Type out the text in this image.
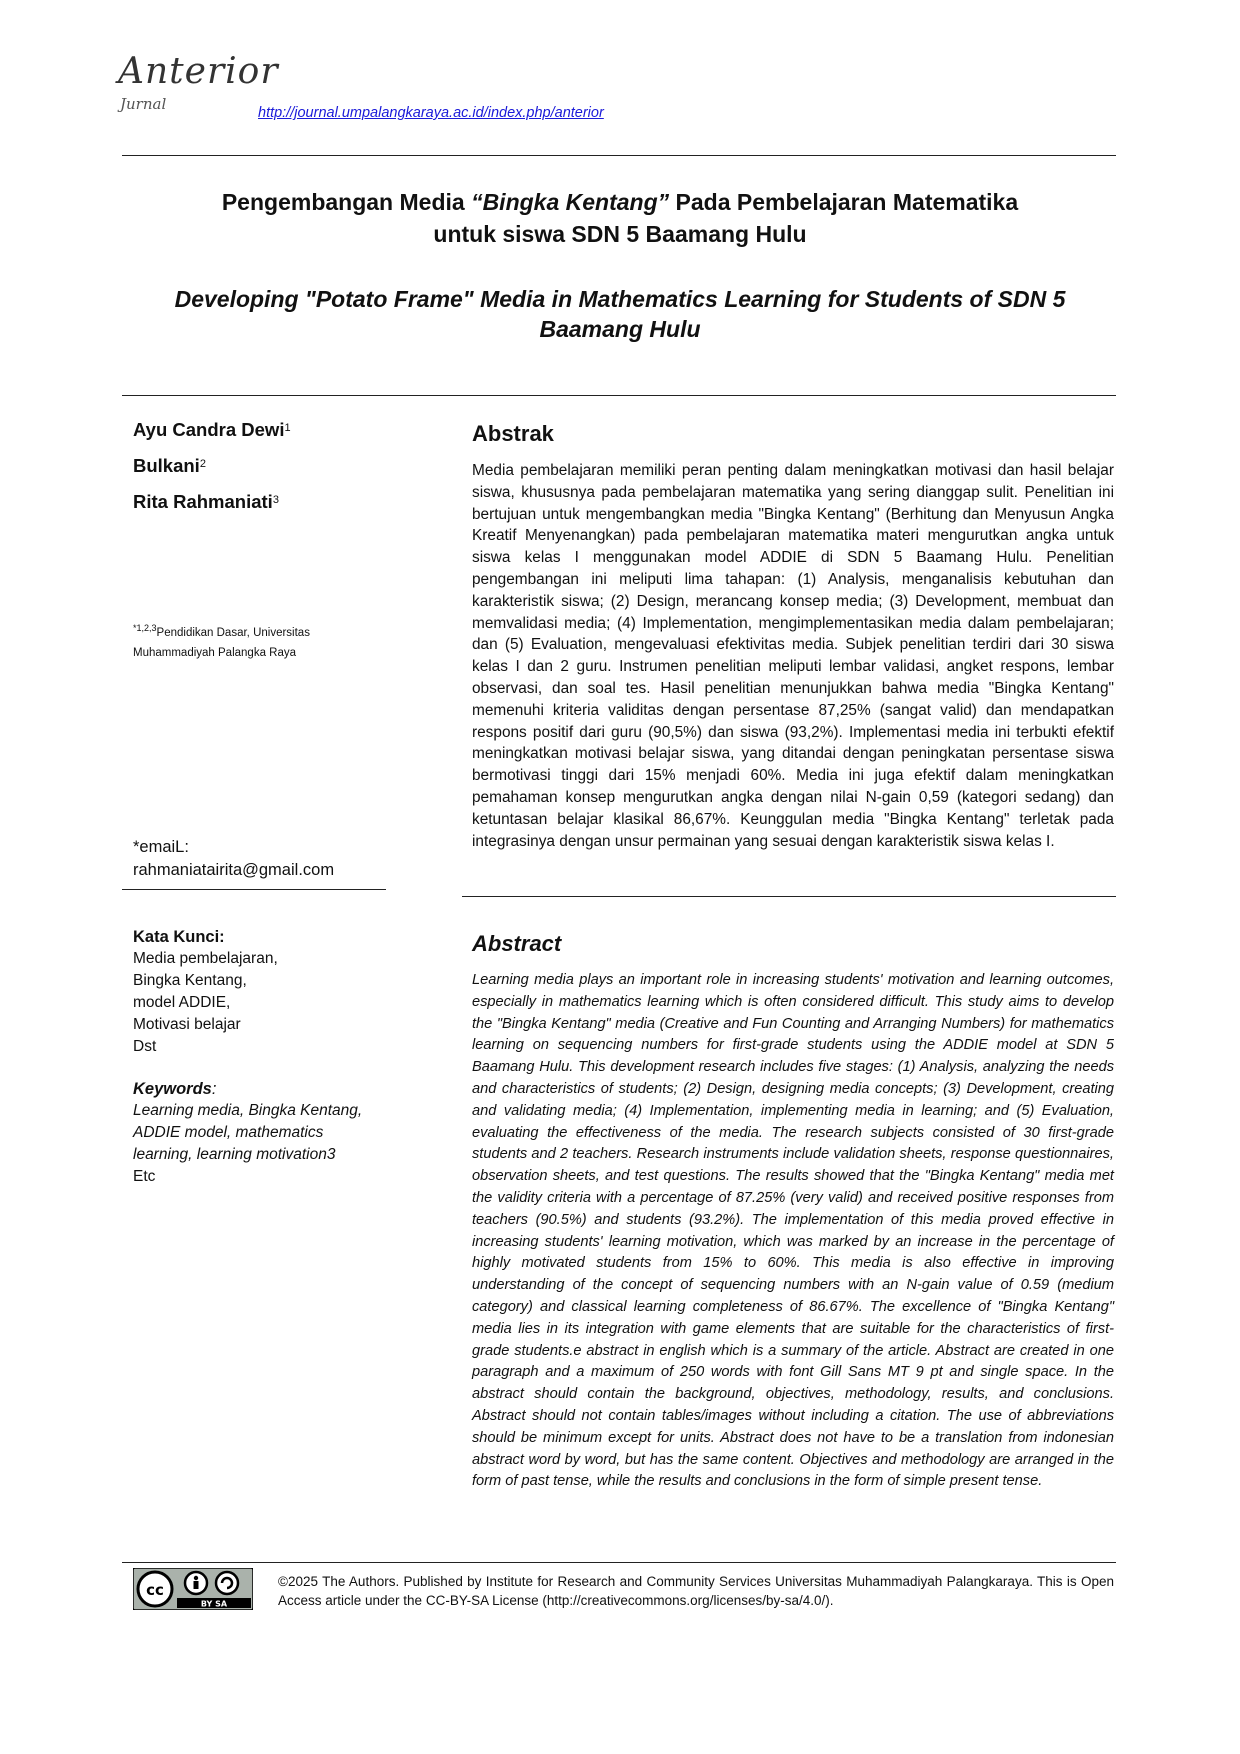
Anterior
Jurnal	http://journal.umpalangkaraya.ac.id/index.php/anterior
Pengembangan Media “Bingka Kentang” Pada Pembelajaran Matematika
untuk siswa SDN 5 Baamang Hulu
Developing "Potato Frame" Media in Mathematics Learning for Students of SDN 5 Baamang Hulu
Ayu Candra Dewi$^1$
Bulkani$^2$
Rita Rahmaniati$^3$
$^{*1,2,3}$Pendidikan Dasar, Universitas Muhammadiyah Palangka Raya
*emaiL:
rahmaniatairita@gmail.com
Kata Kunci:
Media pembelajaran,
Bingka Kentang,
model ADDIE,
Motivasi belajar
Dst
Keywords:
Learning media, Bingka Kentang, ADDIE model, mathematics learning, learning motivation3
Etc
Abstrak
Media pembelajaran memiliki peran penting dalam meningkatkan motivasi dan hasil belajar siswa, khususnya pada pembelajaran matematika yang sering dianggap sulit. Penelitian ini bertujuan untuk mengembangkan media "Bingka Kentang" (Berhitung dan Menyusun Angka Kreatif Menyenangkan) pada pembelajaran matematika materi mengurutkan angka untuk siswa kelas I menggunakan model ADDIE di SDN 5 Baamang Hulu. Penelitian pengembangan ini meliputi lima tahapan: (1) Analysis, menganalisis kebutuhan dan karakteristik siswa; (2) Design, merancang konsep media; (3) Development, membuat dan memvalidasi media; (4) Implementation, mengimplementasikan media dalam pembelajaran; dan (5) Evaluation, mengevaluasi efektivitas media. Subjek penelitian terdiri dari 30 siswa kelas I dan 2 guru. Instrumen penelitian meliputi lembar validasi, angket respons, lembar observasi, dan soal tes. Hasil penelitian menunjukkan bahwa media "Bingka Kentang" memenuhi kriteria validitas dengan persentase 87,25% (sangat valid) dan mendapatkan respons positif dari guru (90,5%) dan siswa (93,2%). Implementasi media ini terbukti efektif meningkatkan motivasi belajar siswa, yang ditandai dengan peningkatan persentase siswa bermotivasi tinggi dari 15% menjadi 60%. Media ini juga efektif dalam meningkatkan pemahaman konsep mengurutkan angka dengan nilai N-gain 0,59 (kategori sedang) dan ketuntasan belajar klasikal 86,67%. Keunggulan media "Bingka Kentang" terletak pada integrasinya dengan unsur permainan yang sesuai dengan karakteristik siswa kelas I.
Abstract
Learning media plays an important role in increasing students' motivation and learning outcomes, especially in mathematics learning which is often considered difficult. This study aims to develop the "Bingka Kentang" media (Creative and Fun Counting and Arranging Numbers) for mathematics learning on sequencing numbers for first-grade students using the ADDIE model at SDN 5 Baamang Hulu. This development research includes five stages: (1) Analysis, analyzing the needs and characteristics of students; (2) Design, designing media concepts; (3) Development, creating and validating media; (4) Implementation, implementing media in learning; and (5) Evaluation, evaluating the effectiveness of the media. The research subjects consisted of 30 first-grade students and 2 teachers. Research instruments include validation sheets, response questionnaires, observation sheets, and test questions. The results showed that the "Bingka Kentang" media met the validity criteria with a percentage of 87.25% (very valid) and received positive responses from teachers (90.5%) and students (93.2%). The implementation of this media proved effective in increasing students' learning motivation, which was marked by an increase in the percentage of highly motivated students from 15% to 60%. This media is also effective in improving understanding of the concept of sequencing numbers with an N-gain value of 0.59 (medium category) and classical learning completeness of 86.67%. The excellence of "Bingka Kentang" media lies in its integration with game elements that are suitable for the characteristics of first-grade students.e abstract in english which is a summary of the article. Abstract are created in one paragraph and a maximum of 250 words with font Gill Sans MT 9 pt and single space. In the abstract should contain the background, objectives, methodology, results, and conclusions. Abstract should not contain tables/images without including a citation. The use of abbreviations should be minimum except for units. Abstract does not have to be a translation from indonesian abstract word by word, but has the same content. Objectives and methodology are arranged in the form of past tense, while the results and conclusions in the form of simple present tense.
cc
BY SA
©2025 The Authors. Published by Institute for Research and Community Services Universitas Muhammadiyah Palangkaraya. This is Open Access article under the CC-BY-SA License (http://creativecommons.org/licenses/by-sa/4.0/).
